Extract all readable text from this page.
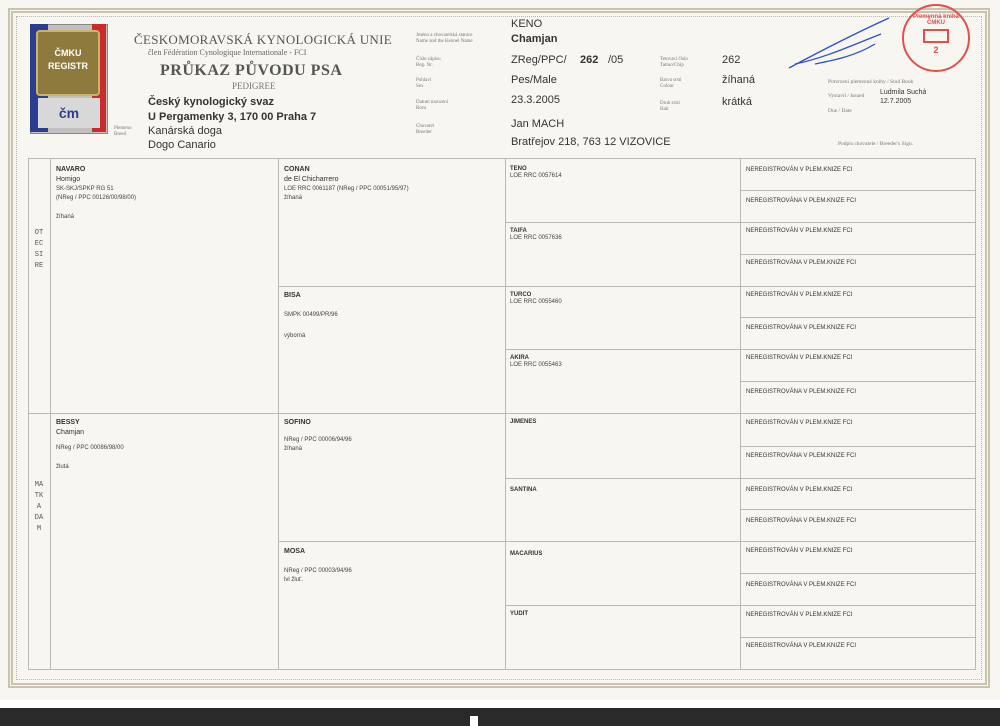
ČMKU
REGISTR
čm
ČESKOMORAVSKÁ KYNOLOGICKÁ UNIE
člen Fédération Cynologique Internationale - FCI
PRŮKAZ PŮVODU PSA
PEDIGREE
Český kynologický svaz
U Pergamenky 3, 170 00 Praha 7
Plemeno
Breed	Kanárská doga
Dogo Canario
Jméno a chovatelská stanice
Name and the Kennel Name
Číslo zápisu
Reg. Nr.
Pohlaví
Sex
Datum narození
Born
Chovatel
Breeder
KENO
Chamjan
ZReg/PPC/ 262 /05
Pes/Male
23.3.2005
Jan MACH
Bratřejov 218, 763 12 VIZOVICE
Tetovací číslo
Tattoo/Chip
Barva srsti
Colour
Druh srsti
Hair
262
žíhaná
krátká
Potvrzení plemenné knihy / Stud Book
Vystavil / Issued Ludmila Suchá
12.7.2005
Due / Date
Podpis chovatele / Breeder's Sign.
Plemenná kniha ČMKU
2
OTEC SIRE
MATKA DAM
NAVARO
Homigo
SK-SKJ/SPKP RG 51
(NReg / PPC 00126/00/98/00)
žíhaná
BESSY
Chamjan
NReg / PPC 00086/98/00
žlutá
CONAN
de El Chicharrero
LOE RRC 0061187 (NReg / PPC 00051/95/97)
žíhaná
BISA
SMPK 00499/PR/96
výborná
SOFINO
NReg / PPC 00006/94/96
žíhaná
MOSA
NReg / PPC 00003/94/96
lvi žluť.
TENO
LOE RRC 0057614
TAIFA
LOE RRC 0057636
TURCO
LOE RRC 0055460
AKIRA
LOE RRC 0055463
JIMENES
SANTINA
MACARIUS
YUDIT
NEREGISTROVÁN V PLEM.KNIZE FCI
NEREGISTROVÁNA V PLEM.KNIZE FCI
NEREGISTROVÁN V PLEM.KNIZE FCI
NEREGISTROVÁNA V PLEM.KNIZE FCI
NEREGISTROVÁN V PLEM.KNIZE FCI
NEREGISTROVÁNA V PLEM.KNIZE FCI
NEREGISTROVÁN V PLEM.KNIZE FCI
NEREGISTROVÁNA V PLEM.KNIZE FCI
NEREGISTROVÁN V PLEM.KNIZE FCI
NEREGISTROVÁNA V PLEM.KNIZE FCI
NEREGISTROVÁN V PLEM.KNIZE FCI
NEREGISTROVÁNA V PLEM.KNIZE FCI
NEREGISTROVÁN V PLEM.KNIZE FCI
NEREGISTROVÁNA V PLEM.KNIZE FCI
NEREGISTROVÁN V PLEM.KNIZE FCI
NEREGISTROVÁNA V PLEM.KNIZE FCI
